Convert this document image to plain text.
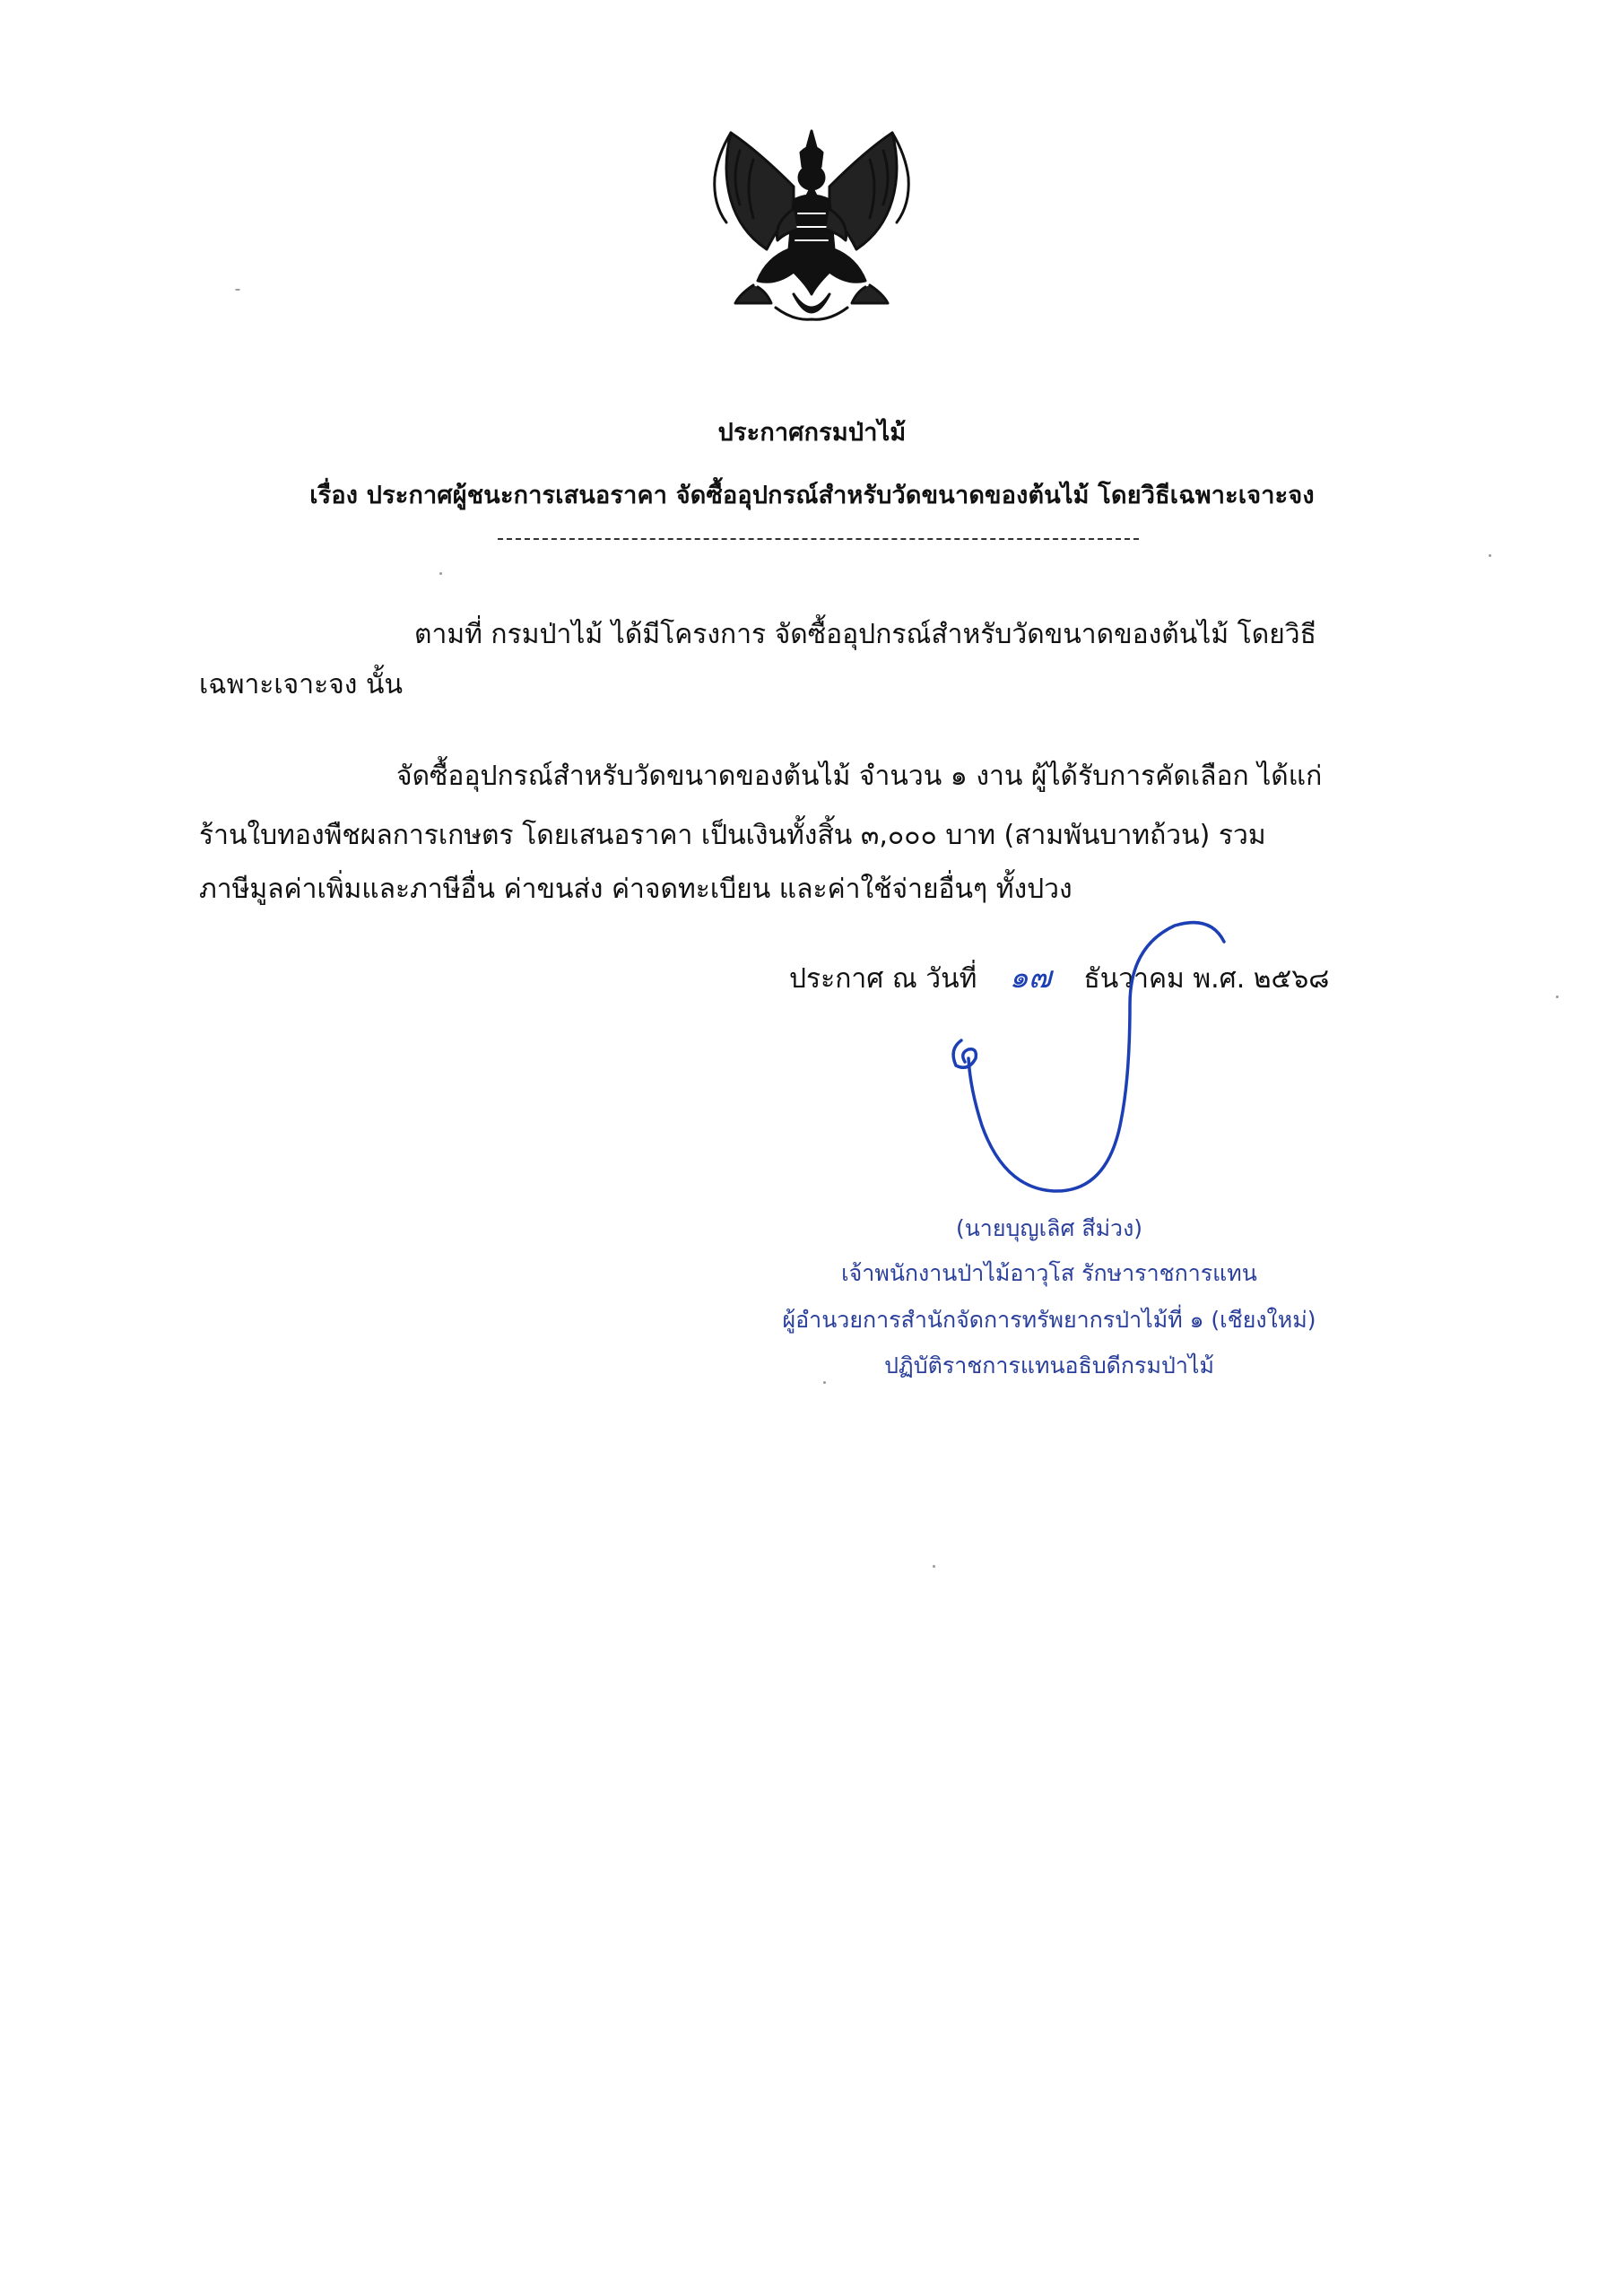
ประกาศกรมป่าไม้
เรื่อง ประกาศผู้ชนะการเสนอราคา จัดซื้ออุปกรณ์สำหรับวัดขนาดของต้นไม้ โดยวิธีเฉพาะเจาะจง
ตามที่ กรมป่าไม้ ได้มีโครงการ จัดซื้ออุปกรณ์สำหรับวัดขนาดของต้นไม้ โดยวิธี
เฉพาะเจาะจง นั้น
จัดซื้ออุปกรณ์สำหรับวัดขนาดของต้นไม้ จำนวน ๑ งาน ผู้ได้รับการคัดเลือก ได้แก่
ร้านใบทองพืชผลการเกษตร โดยเสนอราคา เป็นเงินทั้งสิ้น ๓,๐๐๐ บาท (สามพันบาทถ้วน) รวม
ภาษีมูลค่าเพิ่มและภาษีอื่น ค่าขนส่ง ค่าจดทะเบียน และค่าใช้จ่ายอื่นๆ ทั้งปวง
ประกาศ ณ วันที่ ๑๗ ธันวาคม พ.ศ. ๒๕๖๘
(นายบุญเลิศ สีม่วง)
เจ้าพนักงานป่าไม้อาวุโส รักษาราชการแทน
ผู้อำนวยการสำนักจัดการทรัพยากรป่าไม้ที่ ๑ (เชียงใหม่)
ปฏิบัติราชการแทนอธิบดีกรมป่าไม้
